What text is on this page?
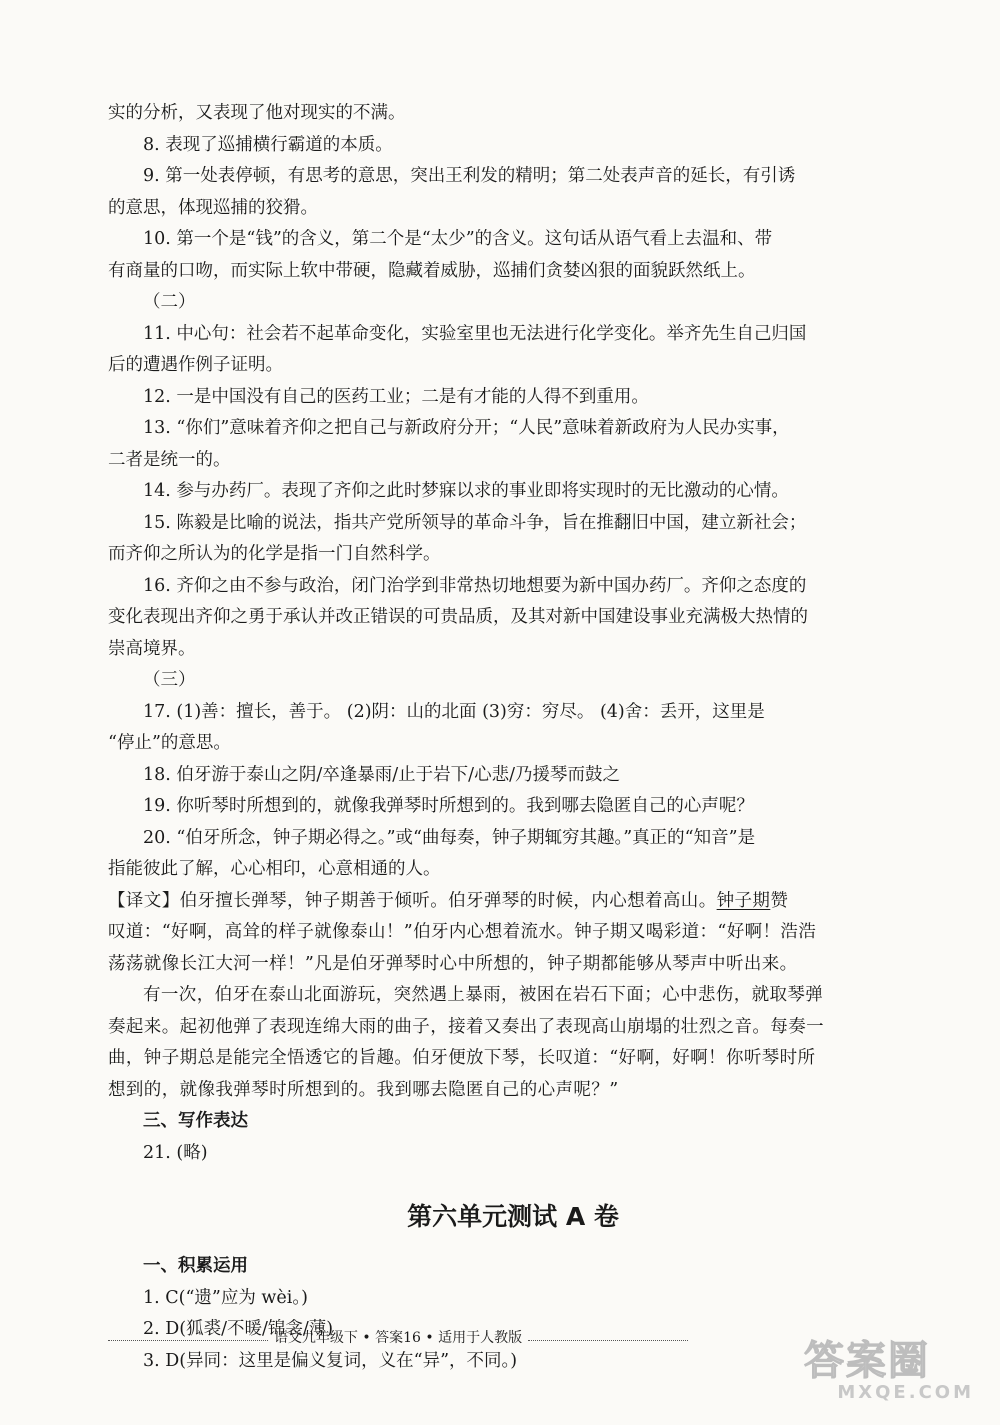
实的分析，又表现了他对现实的不满。
8. 表现了巡捕横行霸道的本质。
9. 第一处表停顿，有思考的意思，突出王利发的精明；第二处表声音的延长，有引诱
的意思，体现巡捕的狡猾。
10. 第一个是“钱”的含义，第二个是“太少”的含义。这句话从语气看上去温和、带
有商量的口吻，而实际上软中带硬，隐藏着威胁，巡捕们贪婪凶狠的面貌跃然纸上。
（二）
11. 中心句：社会若不起革命变化，实验室里也无法进行化学变化。举齐先生自己归国
后的遭遇作例子证明。
12. 一是中国没有自己的医药工业；二是有才能的人得不到重用。
13. “你们”意味着齐仰之把自己与新政府分开；“人民”意味着新政府为人民办实事，
二者是统一的。
14. 参与办药厂。表现了齐仰之此时梦寐以求的事业即将实现时的无比激动的心情。
15. 陈毅是比喻的说法，指共产党所领导的革命斗争，旨在推翻旧中国，建立新社会；
而齐仰之所认为的化学是指一门自然科学。
16. 齐仰之由不参与政治，闭门治学到非常热切地想要为新中国办药厂。齐仰之态度的
变化表现出齐仰之勇于承认并改正错误的可贵品质，及其对新中国建设事业充满极大热情的
崇高境界。
（三）
17. (1)善：擅长，善于。 (2)阴：山的北面 (3)穷：穷尽。 (4)舍：丢开，这里是
“停止”的意思。
18. 伯牙游于泰山之阴/卒逢暴雨/止于岩下/心悲/乃援琴而鼓之
19. 你听琴时所想到的，就像我弹琴时所想到的。我到哪去隐匿自己的心声呢？
20. “伯牙所念，钟子期必得之。”或“曲每奏，钟子期辄穷其趣。”真正的“知音”是
指能彼此了解，心心相印，心意相通的人。
【译文】伯牙擅长弹琴，钟子期善于倾听。伯牙弹琴的时候，内心想着高山。钟子期赞
叹道：“好啊，高耸的样子就像泰山！”伯牙内心想着流水。钟子期又喝彩道：“好啊！浩浩
荡荡就像长江大河一样！”凡是伯牙弹琴时心中所想的，钟子期都能够从琴声中听出来。
有一次，伯牙在泰山北面游玩，突然遇上暴雨，被困在岩石下面；心中悲伤，就取琴弹
奏起来。起初他弹了表现连绵大雨的曲子，接着又奏出了表现高山崩塌的壮烈之音。每奏一
曲，钟子期总是能完全悟透它的旨趣。伯牙便放下琴，长叹道：“好啊，好啊！你听琴时所
想到的，就像我弹琴时所想到的。我到哪去隐匿自己的心声呢？”
三、写作表达
21. (略)
第六单元测试 A 卷
一、积累运用
1. C(“遗”应为 wèi。)
2. D(狐裘/不暖/锦衾/薄)
3. D(异同：这里是偏义复词，义在“异”，不同。)
语文九年级下 • 答案16 • 适用于人教版	答案圈
MXQE.COM
